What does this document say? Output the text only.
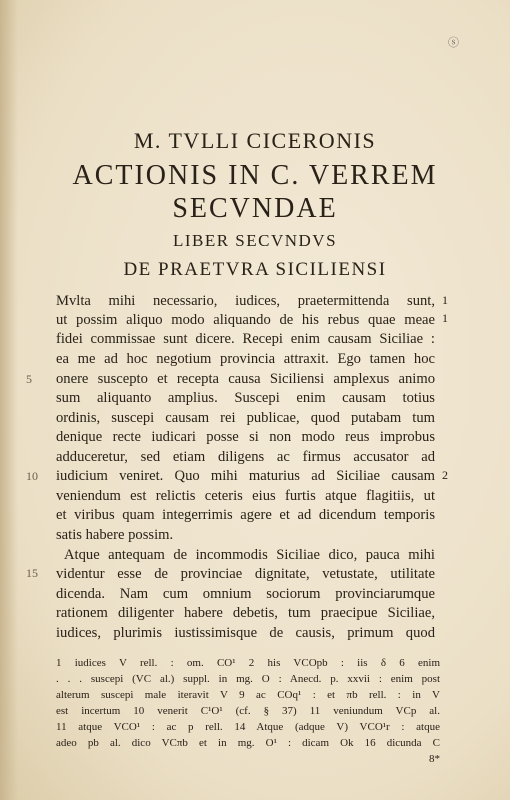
ⓢ
M. TVLLI CICERONIS
ACTIONIS IN C. VERREM
SECVNDAE
LIBER SECVNDVS
DE PRAETVRA SICILIENSI
Mvlta mihi necessario, iudices, praetermittenda sunt,
ut possim aliquo modo aliquando de his rebus quae meae
fidei commissae sunt dicere. Recepi enim causam Siciliae :
ea me ad hoc negotium provincia attraxit. Ego tamen hoc
onere suscepto et recepta causa Siciliensi amplexus animo
sum aliquanto amplius. Suscepi enim causam totius
ordinis, suscepi causam rei publicae, quod putabam tum
denique recte iudicari posse si non modo reus improbus
adduceretur, sed etiam diligens ac firmus accusator ad
iudicium veniret. Quo mihi maturius ad Siciliae causam
veniendum est relictis ceteris eius furtis atque flagitiis, ut
et viribus quam integerrimis agere et ad dicendum temporis
satis habere possim.
Atque antequam de incommodis Siciliae dico, pauca mihi
videntur esse de provinciae dignitate, vetustate, utilitate
dicenda. Nam cum omnium sociorum provinciarumque
rationem diligenter habere debetis, tum praecipue Siciliae,
iudices, plurimis iustissimisque de causis, primum quod
1
1
2
5
10
15
1 iudices V rell. : om. CO¹ 2 his VCOpb : iis δ 6 enim
. . . suscepi (VC al.) suppl. in mg. O : Anecd. p. xxvii : enim post
alterum suscepi male iteravit V 9 ac COq¹ : et πb rell. : in V
est incertum 10 venerit C¹O¹ (cf. § 37) 11 veniundum VCp al.
11 atque VCO¹ : ac p rell. 14 Atque (adque V) VCO¹r : atque
adeo pb al. dico VCπb et in mg. O¹ : dicam Ok 16 dicunda C
8*
